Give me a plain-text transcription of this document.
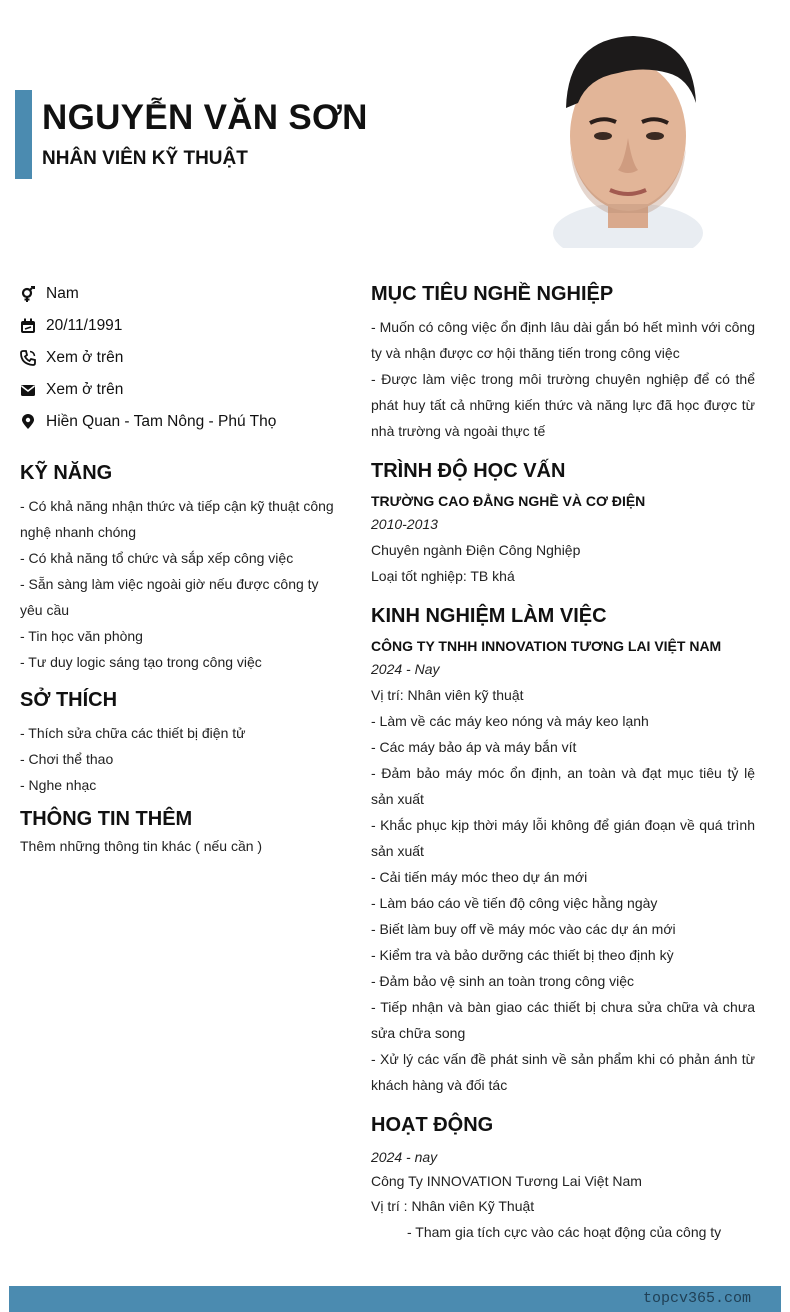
NGUYỄN VĂN SƠN
NHÂN VIÊN KỸ THUẬT
Nam
20/11/1991
Xem ở trên
Xem ở trên
Hiền Quan - Tam Nông - Phú Thọ
KỸ NĂNG
- Có khả năng nhận thức và tiếp cận kỹ thuật công nghệ nhanh chóng
- Có khả năng tổ chức và sắp xếp công việc
- Sẵn sàng làm việc ngoài giờ nếu được công ty yêu cầu
- Tin học văn phòng
- Tư duy logic sáng tạo trong công việc
SỞ THÍCH
- Thích sửa chữa các thiết bị điện tử
- Chơi thể thao
- Nghe nhạc
THÔNG TIN THÊM
Thêm những thông tin khác ( nếu cần )
MỤC TIÊU NGHỀ NGHIỆP
- Muốn có công việc ổn định lâu dài gắn bó hết mình với công ty và nhận được cơ hội thăng tiến trong công việc
- Được làm việc trong môi trường chuyên nghiệp để có thể phát huy tất cả những kiến thức và năng lực đã học được từ nhà trường và ngoài thực tế
TRÌNH ĐỘ HỌC VẤN
TRƯỜNG CAO ĐẲNG NGHỀ VÀ CƠ ĐIỆN
2010-2013
Chuyên ngành Điện Công Nghiệp
Loại tốt nghiệp: TB khá
KINH NGHIỆM LÀM VIỆC
CÔNG TY TNHH INNOVATION TƯƠNG LAI VIỆT NAM
2024 - Nay
Vị trí: Nhân viên kỹ thuật
- Làm về các máy keo nóng và máy keo lạnh
- Các máy bảo áp và máy bắn vít
- Đảm bảo máy móc ổn định, an toàn và đạt mục tiêu tỷ lệ sản xuất
- Khắc phục kịp thời máy lỗi không để gián đoạn về quá trình sản xuất
- Cải tiến máy móc theo dự án mới
- Làm báo cáo về tiến độ công việc hằng ngày
- Biết làm buy off về máy móc vào các dự án mới
- Kiểm tra và bảo dưỡng các thiết bị theo định kỳ
- Đảm bảo vệ sinh an toàn trong công việc
- Tiếp nhận và bàn giao các thiết bị chưa sửa chữa và chưa sửa chữa song
- Xử lý các vấn đề phát sinh về sản phẩm khi có phản ánh từ khách hàng và đối tác
HOẠT ĐỘNG
2024 - nay
Công Ty INNOVATION Tương Lai Việt Nam
Vị trí : Nhân viên Kỹ Thuật
- Tham gia tích cực vào các hoạt động của công ty
topcv365.com
